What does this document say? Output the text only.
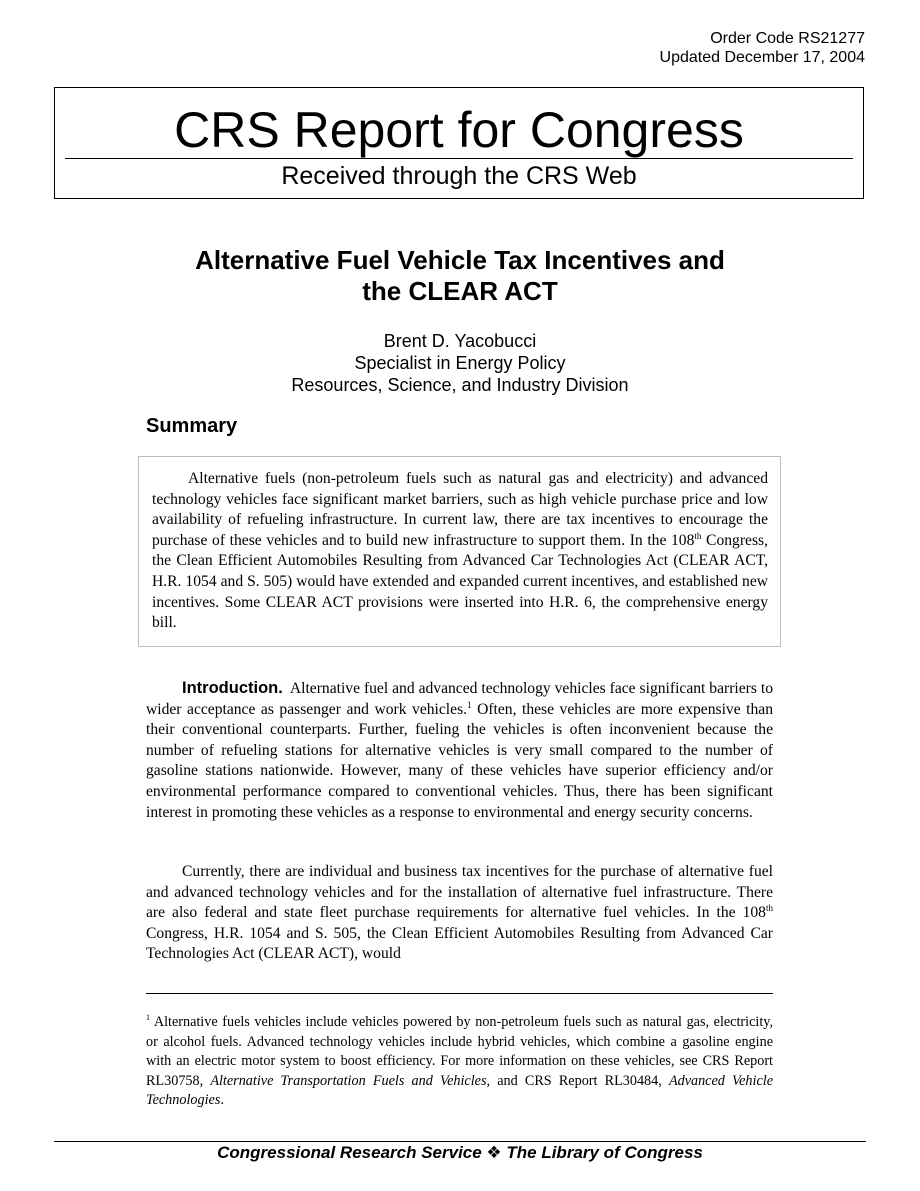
Order Code RS21277
Updated December 17, 2004
CRS Report for Congress
Received through the CRS Web
Alternative Fuel Vehicle Tax Incentives and
the CLEAR ACT
Brent D. Yacobucci
Specialist in Energy Policy
Resources, Science, and Industry Division
Summary

Alternative fuels (non-petroleum fuels such as natural gas and electricity) and advanced technology vehicles face significant market barriers, such as high vehicle purchase price and low availability of refueling infrastructure. In current law, there are tax incentives to encourage the purchase of these vehicles and to build new infrastructure to support them. In the 108th Congress, the Clean Efficient Automobiles Resulting from Advanced Car Technologies Act (CLEAR ACT, H.R. 1054 and S. 505) would have extended and expanded current incentives, and established new incentives. Some CLEAR ACT provisions were inserted into H.R. 6, the comprehensive energy bill.

Introduction. Alternative fuel and advanced technology vehicles face significant barriers to wider acceptance as passenger and work vehicles.$^1$ Often, these vehicles are more expensive than their conventional counterparts. Further, fueling the vehicles is often inconvenient because the number of refueling stations for alternative vehicles is very small compared to the number of gasoline stations nationwide. However, many of these vehicles have superior efficiency and/or environmental performance compared to conventional vehicles. Thus, there has been significant interest in promoting these vehicles as a response to environmental and energy security concerns.

Currently, there are individual and business tax incentives for the purchase of alternative fuel and advanced technology vehicles and for the installation of alternative fuel infrastructure. There are also federal and state fleet purchase requirements for alternative fuel vehicles. In the 108th Congress, H.R. 1054 and S. 505, the Clean Efficient Automobiles Resulting from Advanced Car Technologies Act (CLEAR ACT), would

$^1$ Alternative fuels vehicles include vehicles powered by non-petroleum fuels such as natural gas, electricity, or alcohol fuels. Advanced technology vehicles include hybrid vehicles, which combine a gasoline engine with an electric motor system to boost efficiency. For more information on these vehicles, see CRS Report RL30758, Alternative Transportation Fuels and Vehicles, and CRS Report RL30484, Advanced Vehicle Technologies.
Congressional Research Service ❖ The Library of Congress
